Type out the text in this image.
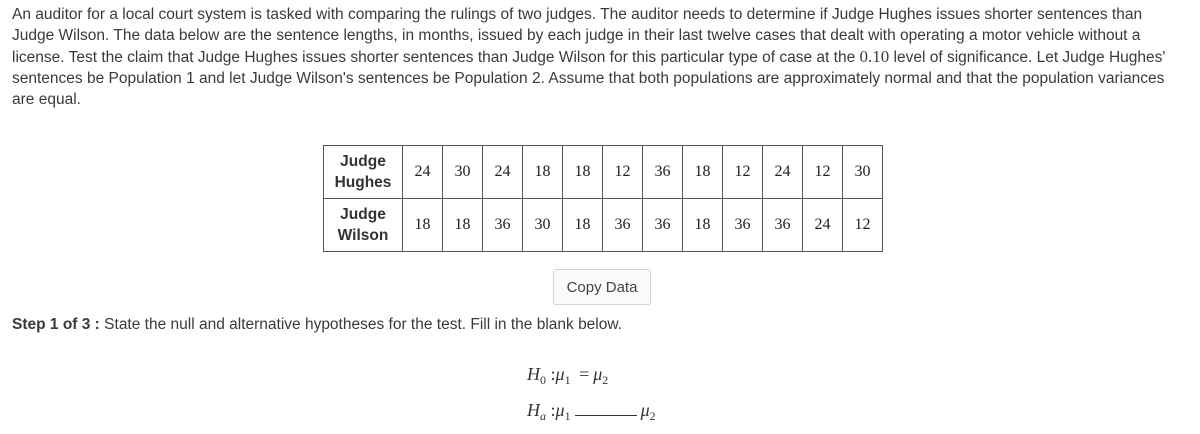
An auditor for a local court system is tasked with comparing the rulings of two judges. The auditor needs to determine if Judge Hughes issues shorter sentences than Judge Wilson. The data below are the sentence lengths, in months, issued by each judge in their last twelve cases that dealt with operating a motor vehicle without a license. Test the claim that Judge Hughes issues shorter sentences than Judge Wilson for this particular type of case at the 0.10 level of significance. Let Judge Hughes' sentences be Population 1 and let Judge Wilson's sentences be Population 2. Assume that both populations are approximately normal and that the population variances are equal.
Judge Hughes	24	30	24	18	18	12	36	18	12	24	12	30
Judge Wilson	18	18	36	30	18	36	36	18	36	36	24	12
Copy Data
Step 1 of 3 : State the null and alternative hypotheses for the test. Fill in the blank below.
$H_0$ $:\mu_1 = \mu_2$
$H_a$ $:\mu_1$	$\mu_2$
